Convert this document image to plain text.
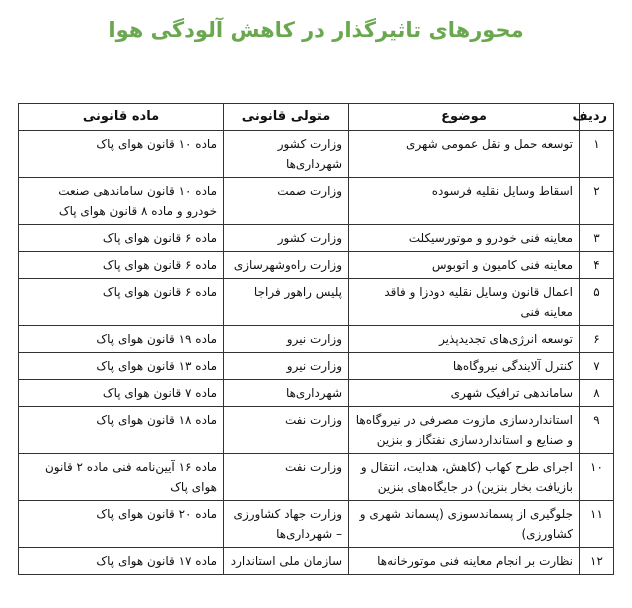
محورهای تاثیرگذار در کاهش آلودگی هوا
ردیف	موضوع	متولی قانونی	ماده قانونی
۱	توسعه حمل و نقل عمومی شهری	وزارت کشور شهرداری‌ها	ماده ۱۰ قانون هوای پاک
۲	اسقاط وسایل نقلیه فرسوده	وزارت صمت	ماده ۱۰ قانون ساماندهی صنعت خودرو و ماده ۸ قانون هوای پاک
۳	معاینه فنی خودرو و موتورسیکلت	وزارت کشور	ماده ۶ قانون هوای پاک
۴	معاینه فنی کامیون و اتوبوس	وزارت راه‌وشهرسازی	ماده ۶ قانون هوای پاک
۵	اعمال قانون وسایل نقلیه دودزا و فاقد معاینه فنی	پلیس راهور فراجا	ماده ۶ قانون هوای پاک
۶	توسعه انرژی‌های تجدیدپذیر	وزارت نیرو	ماده ۱۹ قانون هوای پاک
۷	کنترل آلایندگی نیروگاه‌ها	وزارت نیرو	ماده ۱۳ قانون هوای پاک
۸	ساماندهی ترافیک شهری	شهرداری‌ها	ماده ۷ قانون هوای پاک
۹	استانداردسازی مازوت مصرفی در نیروگاه‌ها و صنایع و استانداردسازی نفتگاز و بنزین	وزارت نفت	ماده ۱۸ قانون هوای پاک
۱۰	اجرای طرح کهاب (کاهش، هدایت، انتقال و بازیافت بخار بنزین) در جایگاه‌های بنزین	وزارت نفت	ماده ۱۶ آیین‌نامه فنی ماده ۲ قانون هوای پاک
۱۱	جلوگیری از پسماندسوزی (پسماند شهری و کشاورزی)	وزارت جهاد کشاورزی – شهرداری‌ها	ماده ۲۰ قانون هوای پاک
۱۲	نظارت بر انجام معاینه فنی موتورخانه‌ها	سازمان ملی استاندارد	ماده ۱۷ قانون هوای پاک
